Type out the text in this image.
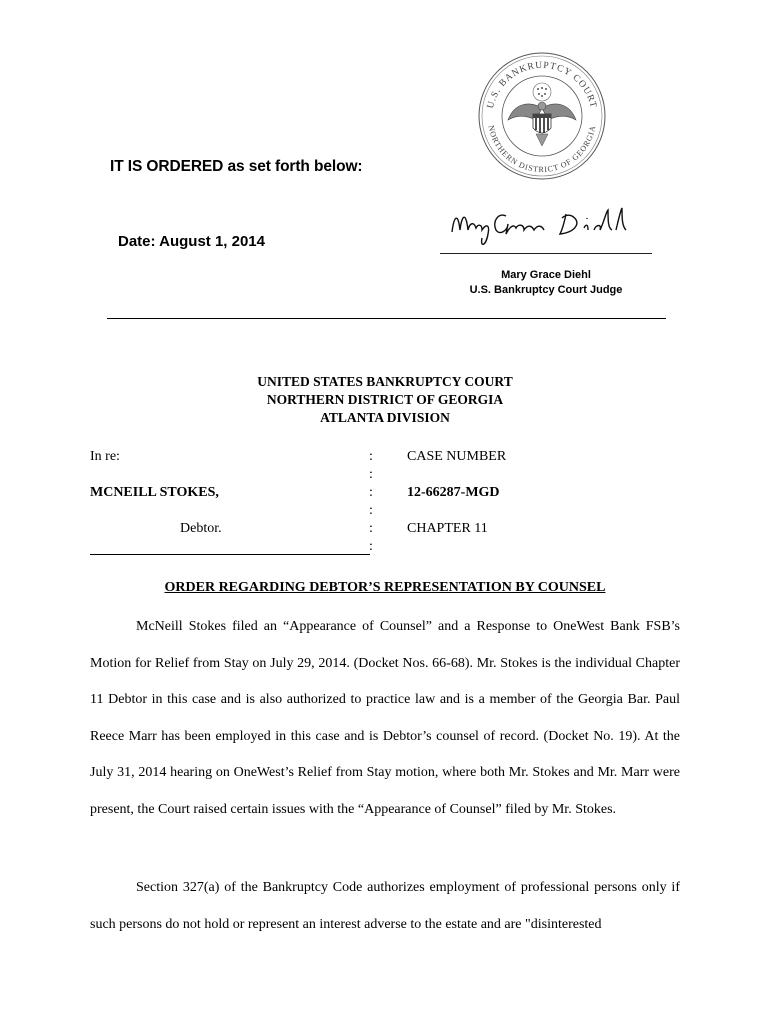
U.S. BANKRUPTCY COURT
NORTHERN DISTRICT OF GEORGIA
IT IS ORDERED as set forth below:
Date: August 1, 2014
Mary Grace Diehl
U.S. Bankruptcy Court Judge
UNITED STATES BANKRUPTCY COURT
NORTHERN DISTRICT OF GEORGIA
ATLANTA DIVISION
In re:
MCNEILL STOKES,
Debtor.
:
:
:
:
:
:
CASE NUMBER
12-66287-MGD
CHAPTER 11
ORDER REGARDING DEBTOR’S REPRESENTATION BY COUNSEL

McNeill Stokes filed an “Appearance of Counsel” and a Response to OneWest Bank FSB’s Motion for Relief from Stay on July 29, 2014. (Docket Nos. 66-68). Mr. Stokes is the individual Chapter 11 Debtor in this case and is also authorized to practice law and is a member of the Georgia Bar. Paul Reece Marr has been employed in this case and is Debtor’s counsel of record. (Docket No. 19). At the July 31, 2014 hearing on OneWest’s Relief from Stay motion, where both Mr. Stokes and Mr. Marr were present, the Court raised certain issues with the “Appearance of Counsel” filed by Mr. Stokes.

Section 327(a) of the Bankruptcy Code authorizes employment of professional persons only if such persons do not hold or represent an interest adverse to the estate and are "disinterested
